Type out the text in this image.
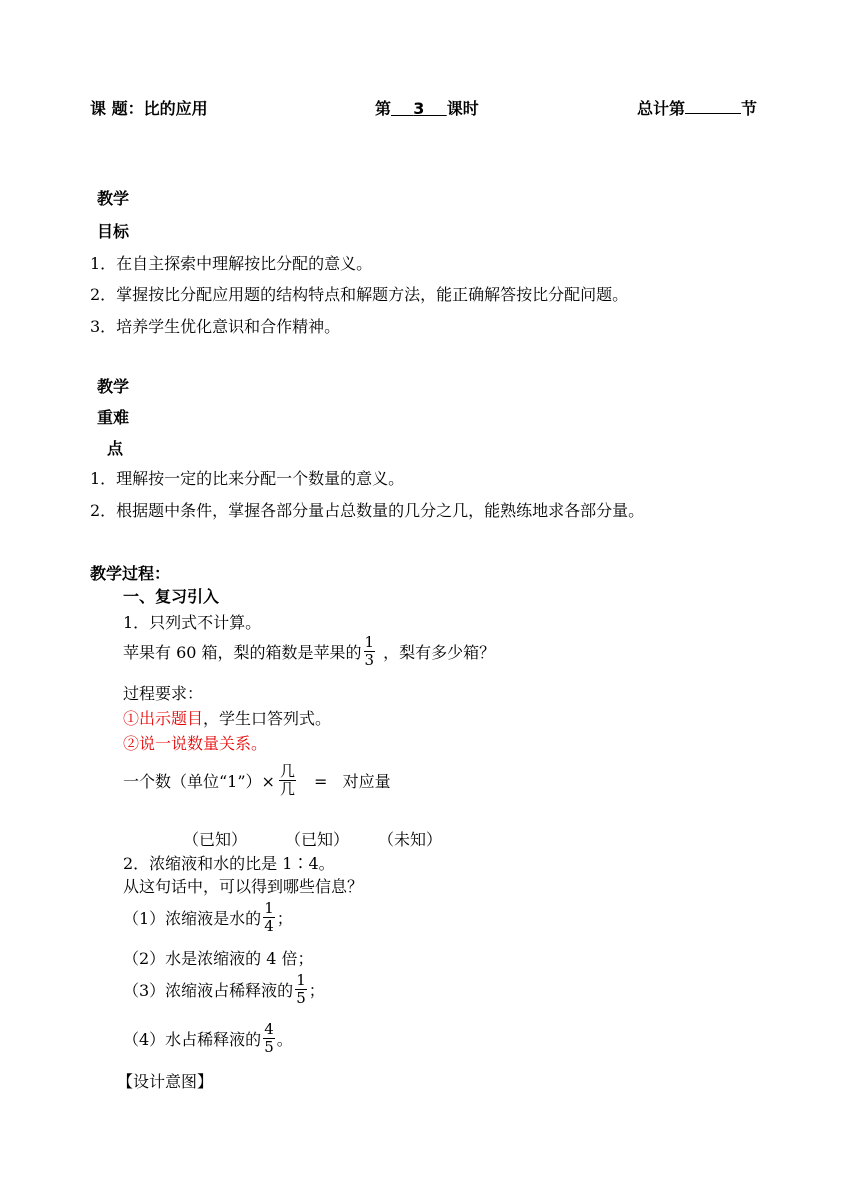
课 题：比的应用	第 3 课时	总计第	节
教学
目标
1．在自主探索中理解按比分配的意义。
2．掌握按比分配应用题的结构特点和解题方法，能正确解答按比分配问题。
3．培养学生优化意识和合作精神。
教学
重难
点
1．理解按一定的比来分配一个数量的意义。
2．根据题中条件，掌握各部分量占总数量的几分之几，能熟练地求各部分量。
教学过程：
一、复习引入
1．只列式不计算。
苹果有 60 箱，梨的箱数是苹果的 $\frac{1}{3}$ ，梨有多少箱？
过程要求：
①出示题目，学生口答列式。
②说一说数量关系。
一个数（单位“1”）× $\frac{\text{几}}{\text{几}}$ =   对应量
（已知） （已知） （未知）
2．浓缩液和水的比是 1∶4。
从这句话中，可以得到哪些信息？
（1）浓缩液是水的 $\frac{1}{4}$ ；
（2）水是浓缩液的 4 倍；
（3）浓缩液占稀释液的 $\frac{1}{5}$ ；
（4）水占稀释液的 $\frac{4}{5}$ 。
【设计意图】
